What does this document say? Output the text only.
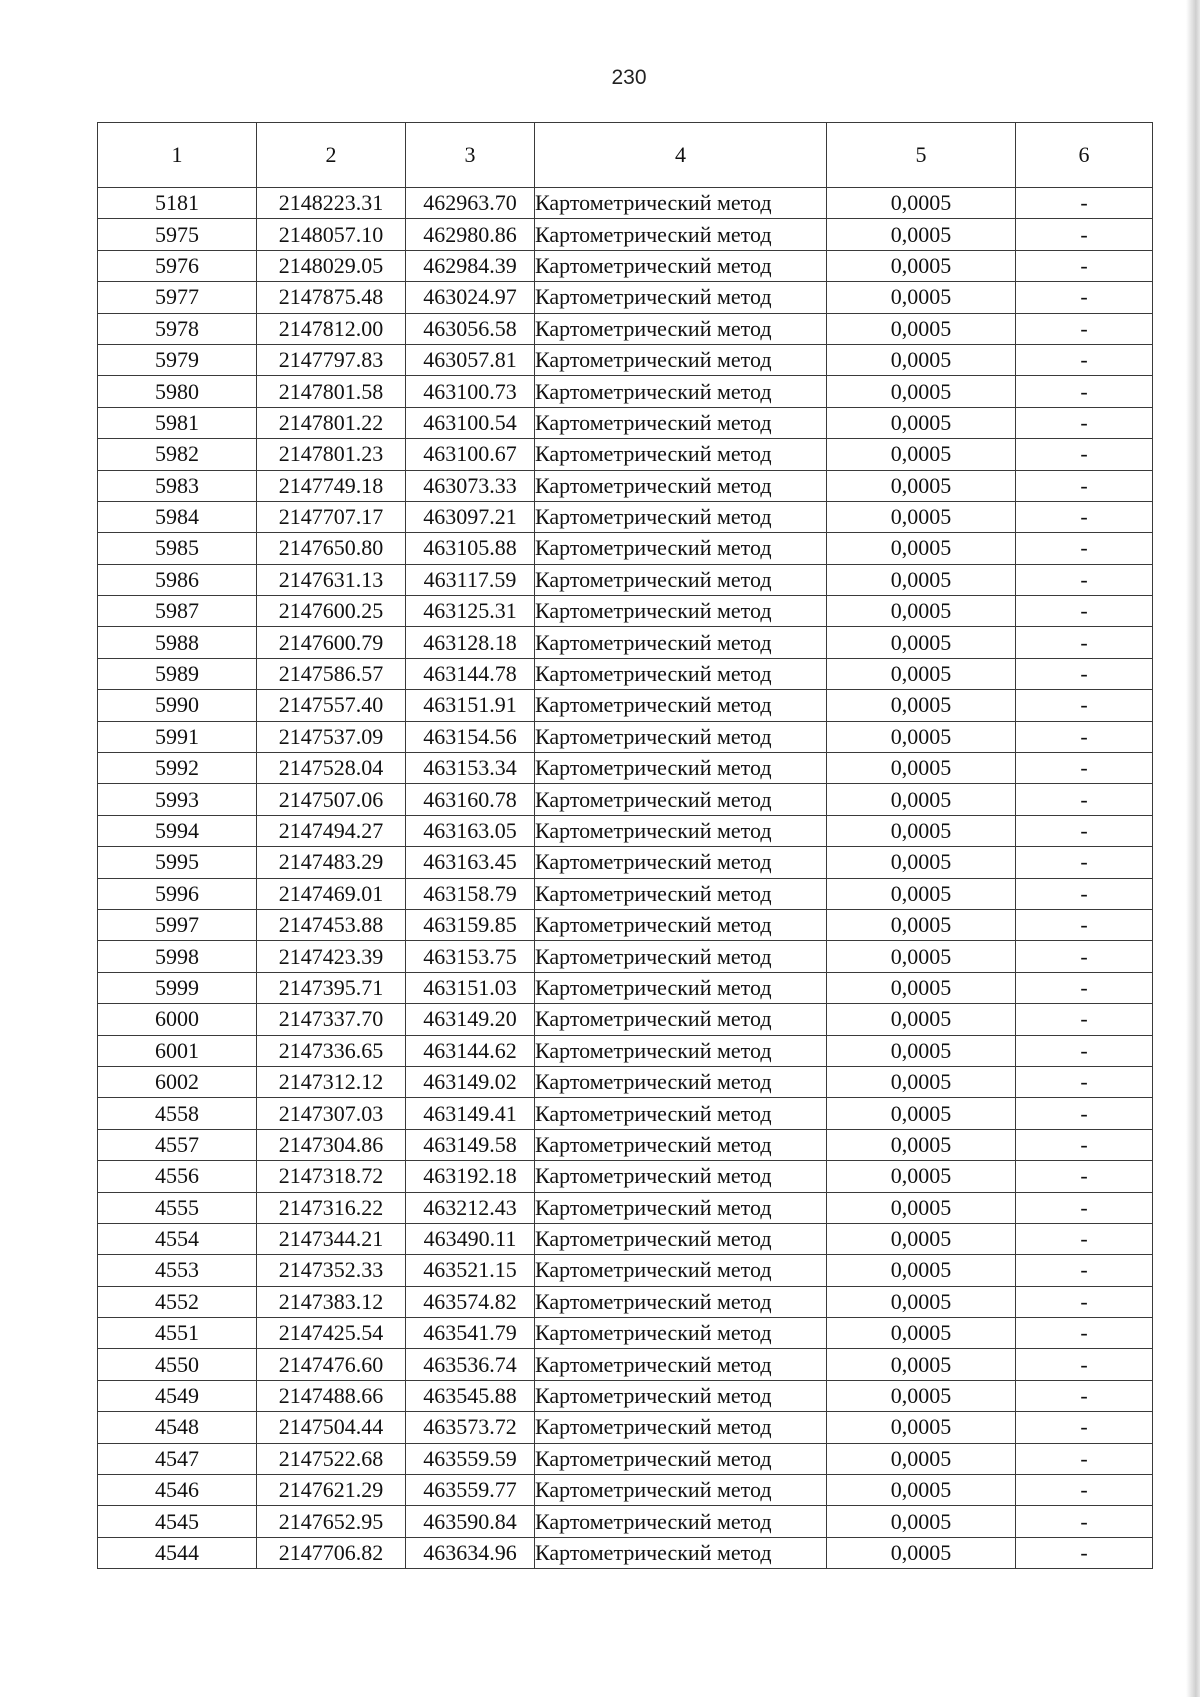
230
1	2	3	4	5	6
5181	2148223.31	462963.70	Картометрический метод	0,0005	-
5975	2148057.10	462980.86	Картометрический метод	0,0005	-
5976	2148029.05	462984.39	Картометрический метод	0,0005	-
5977	2147875.48	463024.97	Картометрический метод	0,0005	-
5978	2147812.00	463056.58	Картометрический метод	0,0005	-
5979	2147797.83	463057.81	Картометрический метод	0,0005	-
5980	2147801.58	463100.73	Картометрический метод	0,0005	-
5981	2147801.22	463100.54	Картометрический метод	0,0005	-
5982	2147801.23	463100.67	Картометрический метод	0,0005	-
5983	2147749.18	463073.33	Картометрический метод	0,0005	-
5984	2147707.17	463097.21	Картометрический метод	0,0005	-
5985	2147650.80	463105.88	Картометрический метод	0,0005	-
5986	2147631.13	463117.59	Картометрический метод	0,0005	-
5987	2147600.25	463125.31	Картометрический метод	0,0005	-
5988	2147600.79	463128.18	Картометрический метод	0,0005	-
5989	2147586.57	463144.78	Картометрический метод	0,0005	-
5990	2147557.40	463151.91	Картометрический метод	0,0005	-
5991	2147537.09	463154.56	Картометрический метод	0,0005	-
5992	2147528.04	463153.34	Картометрический метод	0,0005	-
5993	2147507.06	463160.78	Картометрический метод	0,0005	-
5994	2147494.27	463163.05	Картометрический метод	0,0005	-
5995	2147483.29	463163.45	Картометрический метод	0,0005	-
5996	2147469.01	463158.79	Картометрический метод	0,0005	-
5997	2147453.88	463159.85	Картометрический метод	0,0005	-
5998	2147423.39	463153.75	Картометрический метод	0,0005	-
5999	2147395.71	463151.03	Картометрический метод	0,0005	-
6000	2147337.70	463149.20	Картометрический метод	0,0005	-
6001	2147336.65	463144.62	Картометрический метод	0,0005	-
6002	2147312.12	463149.02	Картометрический метод	0,0005	-
4558	2147307.03	463149.41	Картометрический метод	0,0005	-
4557	2147304.86	463149.58	Картометрический метод	0,0005	-
4556	2147318.72	463192.18	Картометрический метод	0,0005	-
4555	2147316.22	463212.43	Картометрический метод	0,0005	-
4554	2147344.21	463490.11	Картометрический метод	0,0005	-
4553	2147352.33	463521.15	Картометрический метод	0,0005	-
4552	2147383.12	463574.82	Картометрический метод	0,0005	-
4551	2147425.54	463541.79	Картометрический метод	0,0005	-
4550	2147476.60	463536.74	Картометрический метод	0,0005	-
4549	2147488.66	463545.88	Картометрический метод	0,0005	-
4548	2147504.44	463573.72	Картометрический метод	0,0005	-
4547	2147522.68	463559.59	Картометрический метод	0,0005	-
4546	2147621.29	463559.77	Картометрический метод	0,0005	-
4545	2147652.95	463590.84	Картометрический метод	0,0005	-
4544	2147706.82	463634.96	Картометрический метод	0,0005	-
